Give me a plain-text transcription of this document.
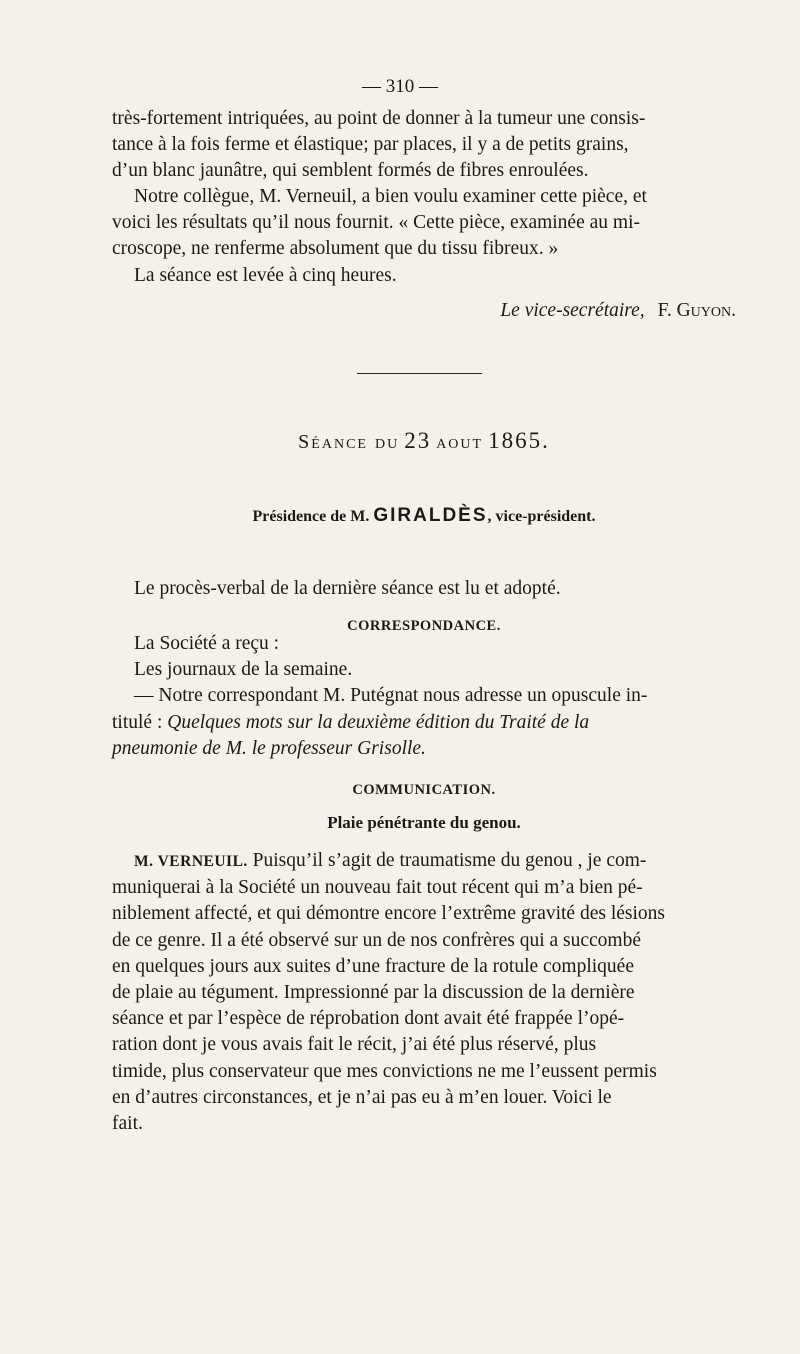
— 310 —

très-fortement intriquées, au point de donner à la tumeur une consis-

tance à la fois ferme et élastique; par places, il y a de petits grains,

d’un blanc jaunâtre, qui semblent formés de fibres enroulées.

Notre collègue, M. Verneuil, a bien voulu examiner cette pièce, et

voici les résultats qu’il nous fournit. « Cette pièce, examinée au mi-

croscope, ne renferme absolument que du tissu fibreux. »

La séance est levée à cinq heures.

Le vice-secrétaire, F. Guyon.
Séance du 23 aout 1865.
Présidence de M. GIRALDÈS, vice-président.

Le procès-verbal de la dernière séance est lu et adopté.

CORRESPONDANCE.

La Société a reçu :

Les journaux de la semaine.

— Notre correspondant M. Putégnat nous adresse un opuscule in-

titulé : Quelques mots sur la deuxième édition du Traité de la

pneumonie de M. le professeur Grisolle.

COMMUNICATION.
Plaie pénétrante du genou.

M. VERNEUIL. Puisqu’il s’agit de traumatisme du genou , je com-

muniquerai à la Société un nouveau fait tout récent qui m’a bien pé-

niblement affecté, et qui démontre encore l’extrême gravité des lésions

de ce genre. Il a été observé sur un de nos confrères qui a succombé

en quelques jours aux suites d’une fracture de la rotule compliquée

de plaie au tégument. Impressionné par la discussion de la dernière

séance et par l’espèce de réprobation dont avait été frappée l’opé-

ration dont je vous avais fait le récit, j’ai été plus réservé, plus

timide, plus conservateur que mes convictions ne me l’eussent permis

en d’autres circonstances, et je n’ai pas eu à m’en louer. Voici le

fait.
